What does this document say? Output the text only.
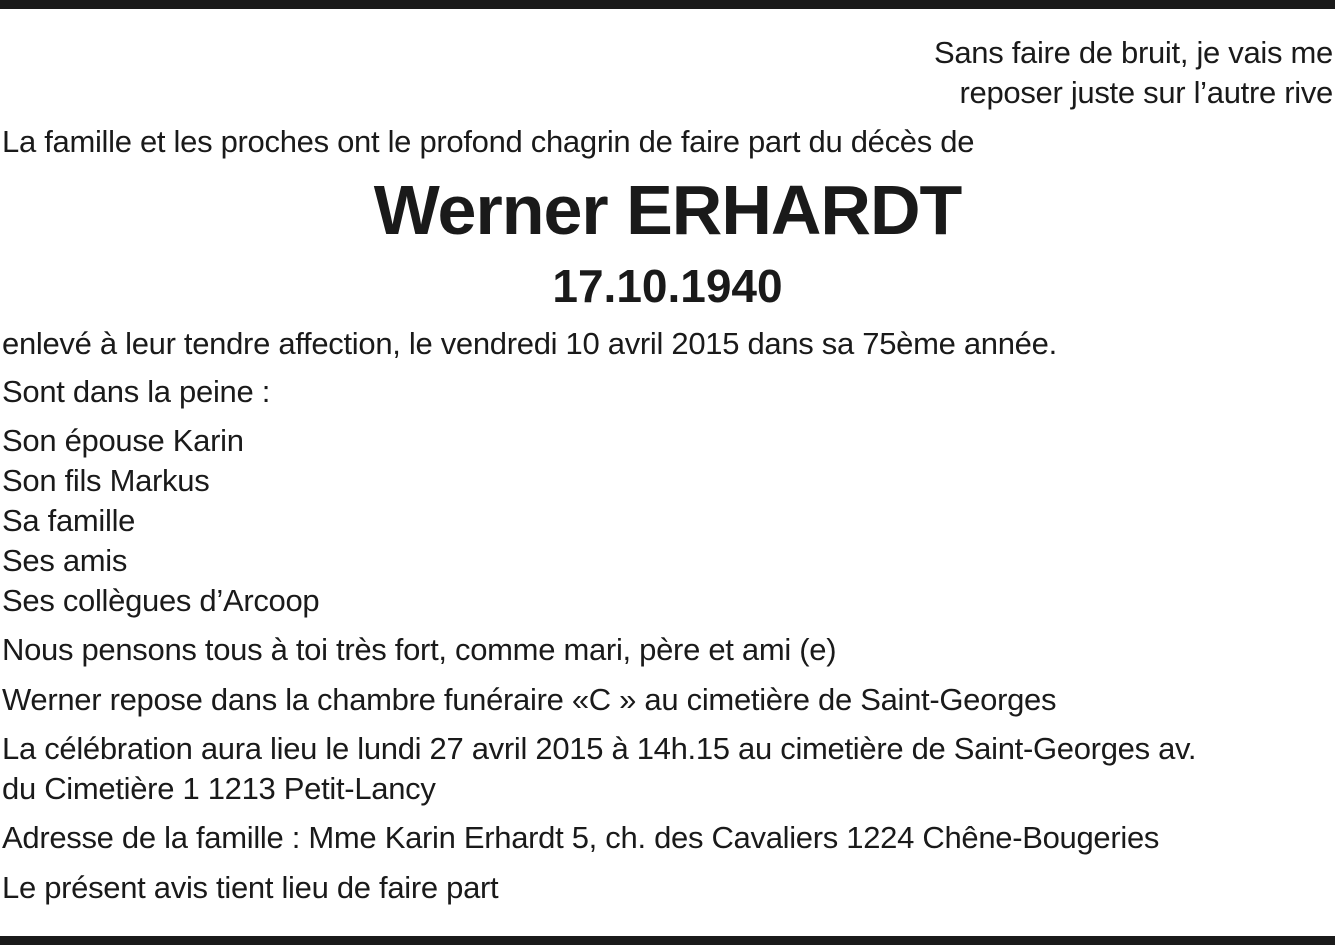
Sans faire de bruit, je vais me
reposer juste sur l’autre rive
La famille et les proches ont le profond chagrin de faire part du décès de
Werner ERHARDT
17.10.1940
enlevé à leur tendre affection, le vendredi 10 avril 2015 dans sa 75ème année.
Sont dans la peine :
Son épouse Karin
Son fils Markus
Sa famille
Ses amis
Ses collègues d’Arcoop
Nous pensons tous à toi très fort, comme mari, père et ami (e)
Werner repose dans la chambre funéraire «C » au cimetière de Saint-Georges
La célébration aura lieu le lundi 27 avril 2015 à 14h.15 au cimetière de Saint-Georges av.
du Cimetière 1 1213 Petit-Lancy
Adresse de la famille : Mme Karin Erhardt 5, ch. des Cavaliers 1224 Chêne-Bougeries
Le présent avis tient lieu de faire part
